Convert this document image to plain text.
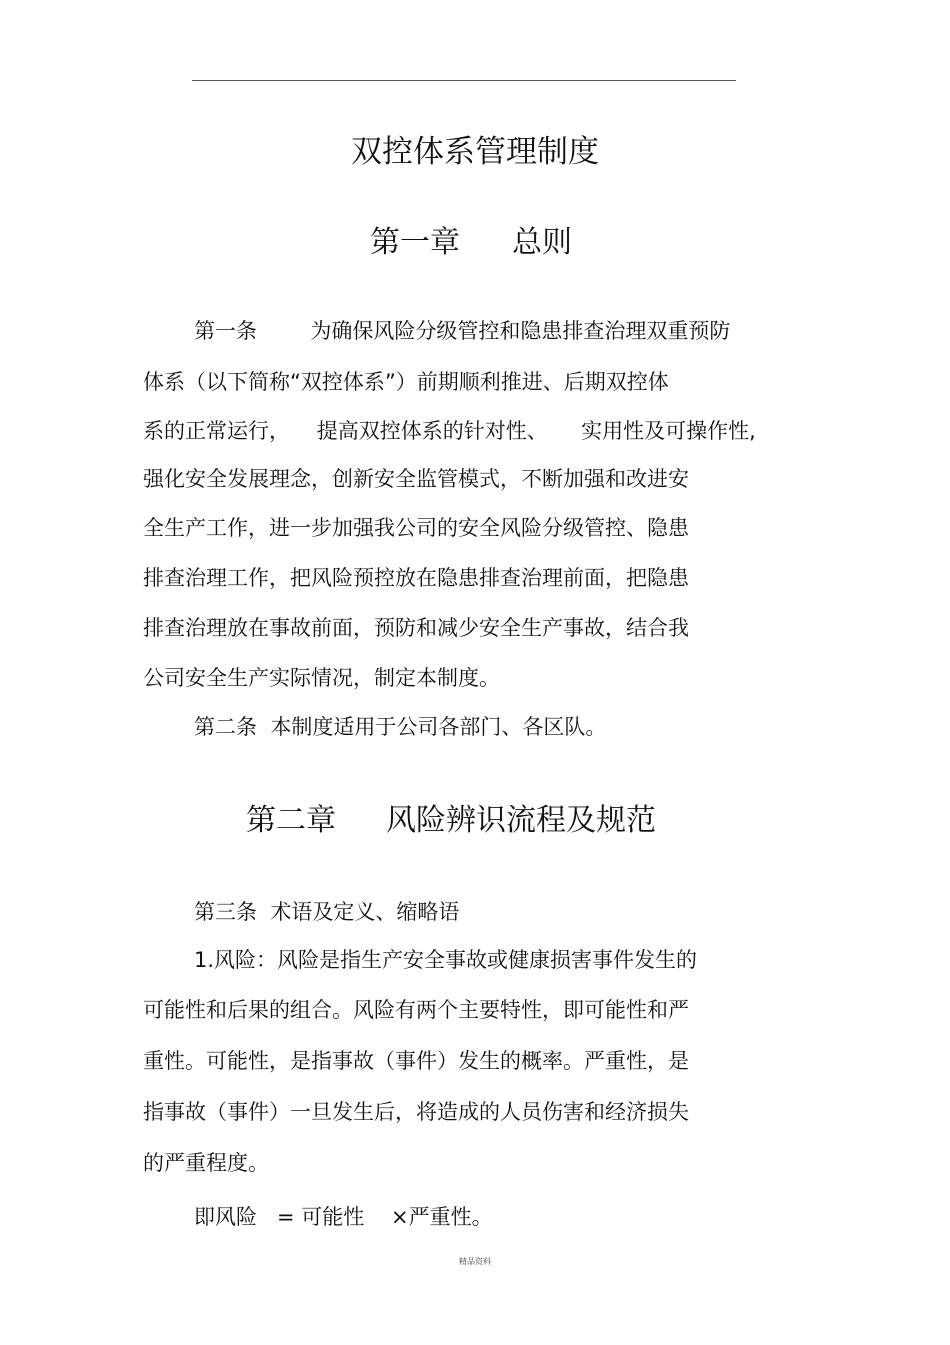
双控体系管理制度
第一章 总则
第一条        为确保风险分级管控和隐患排查治理双重预防
体系（以下简称“双控体系”）前期顺利推进、后期双控体
系的正常运行，    提高双控体系的针对性、     实用性及可操作性,
强化安全发展理念，创新安全监管模式，不断加强和改进安
全生产工作，进一步加强我公司的安全风险分级管控、隐患
排查治理工作，把风险预控放在隐患排查治理前面，把隐患
排查治理放在事故前面，预防和减少安全生产事故，结合我
公司安全生产实际情况，制定本制度。
第二条  本制度适用于公司各部门、各区队。
第二章 风险辨识流程及规范
第三条  术语及定义、缩略语
1.风险：风险是指生产安全事故或健康损害事件发生的
可能性和后果的组合。风险有两个主要特性，即可能性和严
重性。可能性，是指事故（事件）发生的概率。严重性，是
指事故（事件）一旦发生后，将造成的人员伤害和经济损失
的严重程度。
即风险   = 可能性    ×严重性。
精品资料
